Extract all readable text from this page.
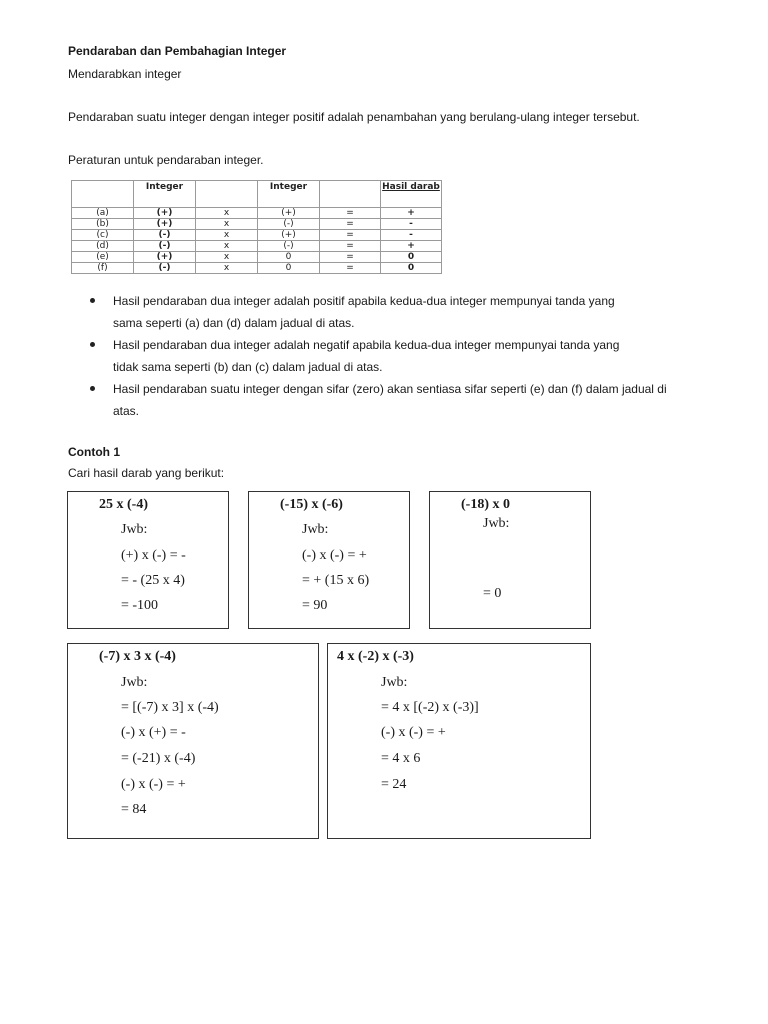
Pendaraban dan Pembahagian Integer
Mendarabkan integer
Pendaraban suatu integer dengan integer positif adalah penambahan yang berulang-ulang integer tersebut.
Peraturan untuk pendaraban integer.
	Integer		Integer		Hasil darab
(a)	(+)	x	(+)	=	+
(b)	(+)	x	(-)	=	-
(c)	(-)	x	(+)	=	-
(d)	(-)	x	(-)	=	+
(e)	(+)	x	0	=	0
(f)	(-)	x	0	=	0
Hasil pendaraban dua integer adalah positif apabila kedua-dua integer mempunyai tanda yang
sama seperti (a) dan (d) dalam jadual di atas.
Hasil pendaraban dua integer adalah negatif apabila kedua-dua integer mempunyai tanda yang
tidak sama seperti (b) dan (c) dalam jadual di atas.
Hasil pendaraban suatu integer dengan sifar (zero) akan sentiasa sifar seperti (e) dan (f) dalam jadual di
atas.
Contoh 1
Cari hasil darab yang berikut:
25 x (-4)
Jwb:
(+) x (-) = -
= - (25 x 4)
= -100
(-15) x (-6)
Jwb:
(-) x (-) = +
= + (15 x 6)
= 90
(-18) x 0
Jwb:
= 0
(-7) x 3 x (-4)
Jwb:
= [(-7) x 3] x (-4)
(-) x (+) = -
= (-21) x (-4)
(-) x (-) = +
= 84
4 x (-2) x (-3)
Jwb:
= 4 x [(-2) x (-3)]
(-) x (-) = +
= 4 x 6
= 24
